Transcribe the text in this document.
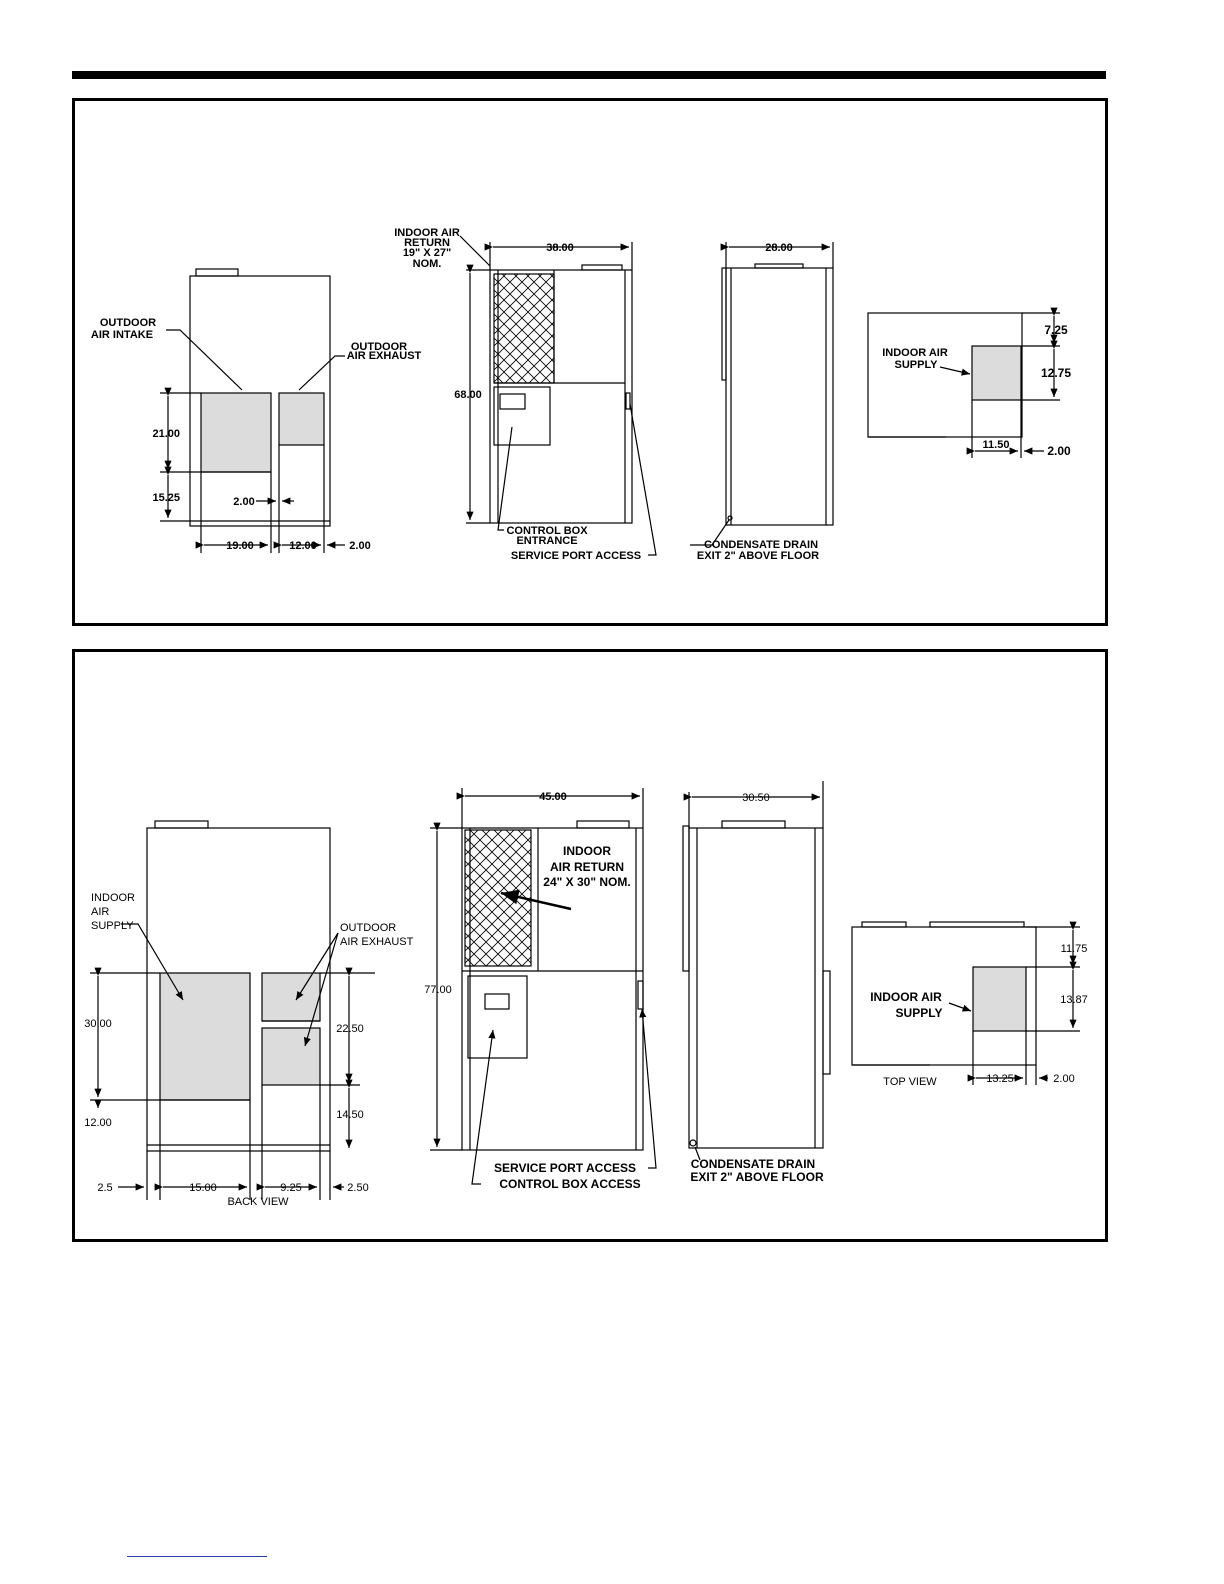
OUTDOOR
AIR INTAKE
OUTDOOR
AIR EXHAUST
21.00
15.25	2.00
19.00	12.00	2.00
INDOOR AIR
RETURN
19" X 27"
NOM.
38.00
68.00
CONTROL BOX
ENTRANCE
SERVICE PORT ACCESS
28.00
CONDENSATE DRAIN
EXIT 2" ABOVE FLOOR
INDOOR AIR
SUPPLY
7.25
12.75
11.50	2.00
INDOOR
AIR
SUPPLY	OUTDOOR
AIR EXHAUST
30.00
12.00
22.50
14.50
2.5	15.00	9.25	2.50
BACK VIEW
45.00
77.00
INDOOR
AIR RETURN
24" X 30" NOM.
SERVICE PORT ACCESS
CONTROL BOX ACCESS
30.50
CONDENSATE DRAIN
EXIT 2" ABOVE FLOOR
INDOOR AIR
SUPPLY
11.75
13.87
13.25	2.00
TOP VIEW
